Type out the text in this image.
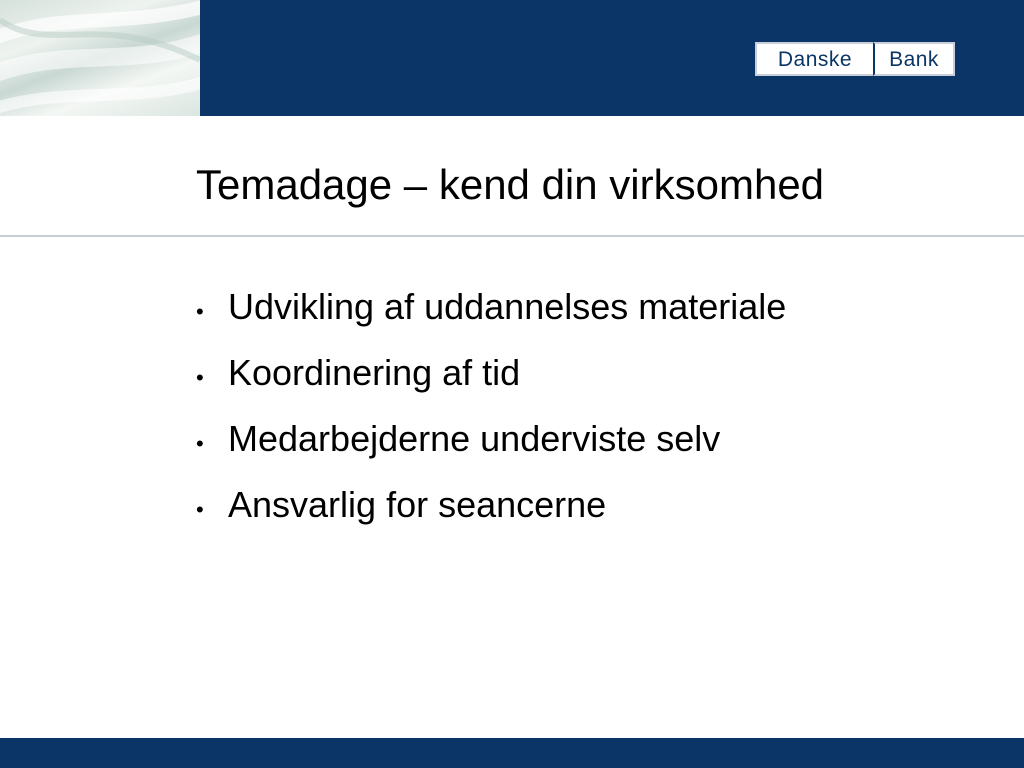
Danske	Bank
Temadage – kend din virksomhed
• Udvikling af uddannelses materiale
• Koordinering af tid
• Medarbejderne underviste selv
• Ansvarlig for seancerne
